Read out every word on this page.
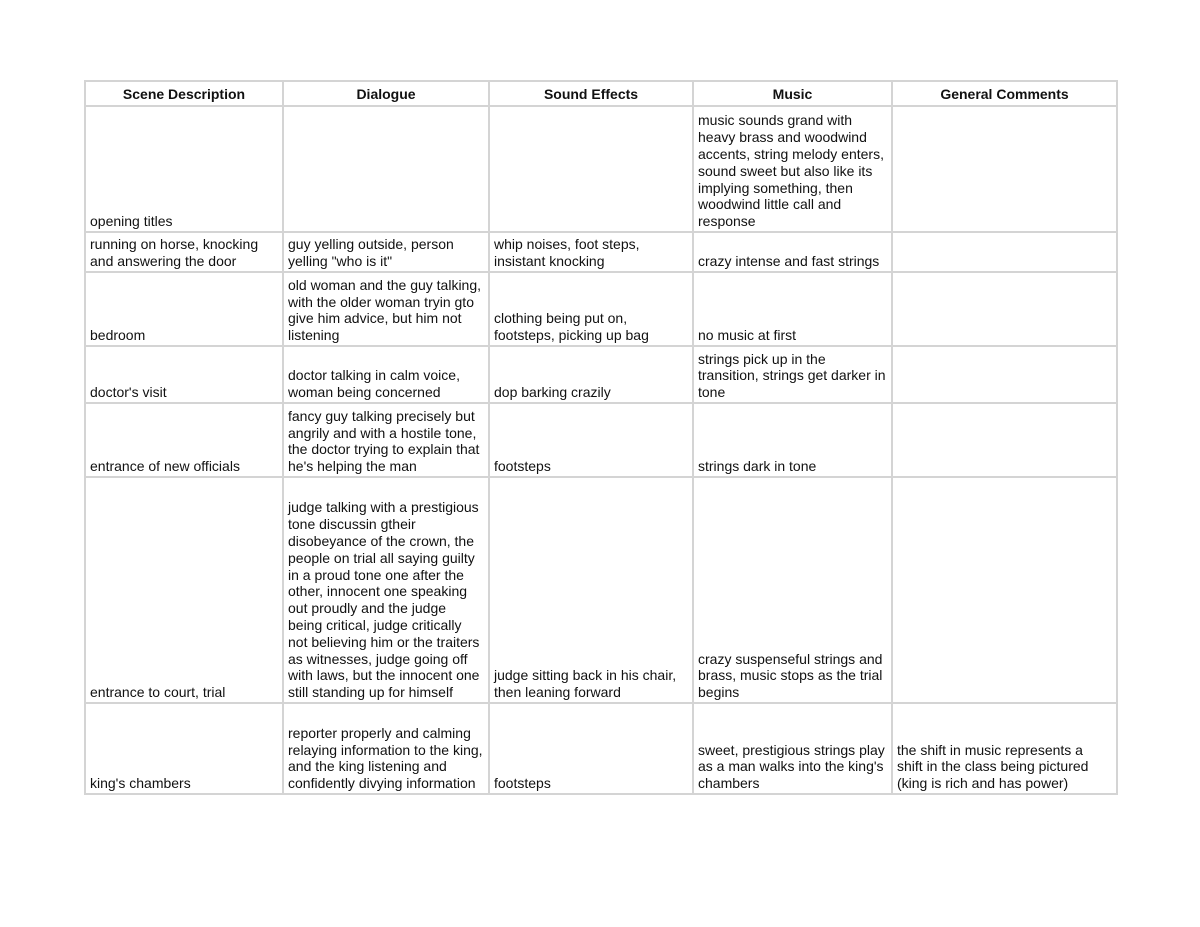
Scene Description	Dialogue	Sound Effects	Music	General Comments
opening titles			music sounds grand with heavy brass and woodwind accents, string melody enters, sound sweet but also like its implying something, then woodwind little call and response	
running on horse, knocking and answering the door	guy yelling outside, person yelling "who is it"	whip noises, foot steps, insistant knocking	crazy intense and fast strings	
bedroom	old woman and the guy talking, with the older woman tryin gto give him advice, but him not listening	clothing being put on, footsteps, picking up bag	no music at first	
doctor's visit	doctor talking in calm voice, woman being concerned	dop barking crazily	strings pick up in the transition, strings get darker in tone	
entrance of new officials	fancy guy talking precisely but angrily and with a hostile tone, the doctor trying to explain that he's helping the man	footsteps	strings dark in tone	
entrance to court, trial	judge talking with a prestigious tone discussin gtheir disobeyance of the crown, the people on trial all saying guilty in a proud tone one after the other, innocent one speaking out proudly and the judge being critical, judge critically not believing him or the traiters as witnesses, judge going off with laws, but the innocent one still standing up for himself	judge sitting back in his chair, then leaning forward	crazy suspenseful strings and brass, music stops as the trial begins	
king's chambers	reporter properly and calming relaying information to the king, and the king listening and confidently divying information	footsteps	sweet, prestigious strings play as a man walks into the king's chambers	the shift in music represents a shift in the class being pictured (king is rich and has power)
